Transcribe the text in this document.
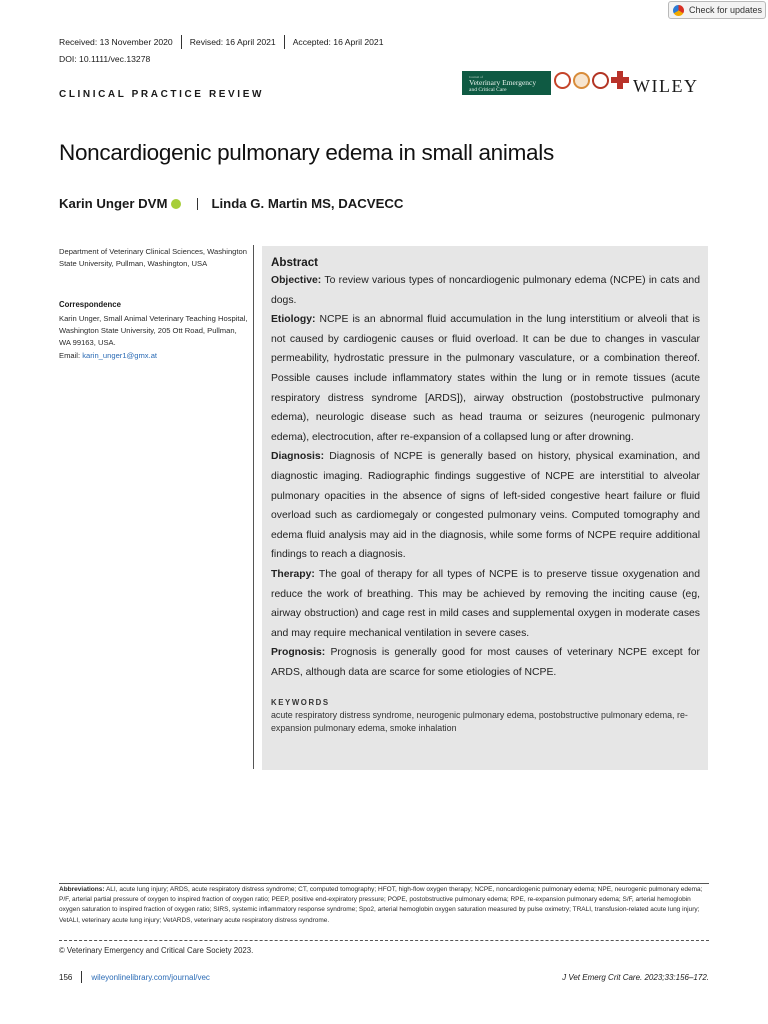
Check for updates
Received: 13 November 2020 Revised: 16 April 2021 Accepted: 16 April 2021
DOI: 10.1111/vec.13278
CLINICAL PRACTICE REVIEW
Journal of
Veterinary Emergency
and Critical Care	WILEY
Noncardiogenic pulmonary edema in small animals
Karin Unger DVM	Linda G. Martin MS, DACVECC
Department of Veterinary Clinical Sciences, Washington State University, Pullman, Washington, USA
Correspondence
Karin Unger, Small Animal Veterinary Teaching Hospital, Washington State University, 205 Ott Road, Pullman, WA 99163, USA.
Email: karin_unger1@gmx.at
Abstract

Objective: To review various types of noncardiogenic pulmonary edema (NCPE) in cats and dogs.

Etiology: NCPE is an abnormal fluid accumulation in the lung interstitium or alveoli that is not caused by cardiogenic causes or fluid overload. It can be due to changes in vascular permeability, hydrostatic pressure in the pulmonary vasculature, or a combination thereof. Possible causes include inflammatory states within the lung or in remote tissues (acute respiratory distress syndrome [ARDS]), airway obstruction (postobstructive pulmonary edema), neurologic disease such as head trauma or seizures (neurogenic pulmonary edema), electrocution, after re-expansion of a collapsed lung or after drowning.

Diagnosis: Diagnosis of NCPE is generally based on history, physical examination, and diagnostic imaging. Radiographic findings suggestive of NCPE are interstitial to alveolar pulmonary opacities in the absence of signs of left-sided congestive heart failure or fluid overload such as cardiomegaly or congested pulmonary veins. Computed tomography and edema fluid analysis may aid in the diagnosis, while some forms of NCPE require additional findings to reach a diagnosis.

Therapy: The goal of therapy for all types of NCPE is to preserve tissue oxygenation and reduce the work of breathing. This may be achieved by removing the inciting cause (eg, airway obstruction) and cage rest in mild cases and supplemental oxygen in moderate cases and may require mechanical ventilation in severe cases.

Prognosis: Prognosis is generally good for most causes of veterinary NCPE except for ARDS, although data are scarce for some etiologies of NCPE.

KEYWORDS
acute respiratory distress syndrome, neurogenic pulmonary edema, postobstructive pulmonary edema, re-expansion pulmonary edema, smoke inhalation
Abbreviations: ALI, acute lung injury; ARDS, acute respiratory distress syndrome; CT, computed tomography; HFOT, high-flow oxygen therapy; NCPE, noncardiogenic pulmonary edema; NPE, neurogenic pulmonary edema; P/F, arterial partial pressure of oxygen to inspired fraction of oxygen ratio; PEEP, positive end-expiratory pressure; POPE, postobstructive pulmonary edema; RPE, re-expansion pulmonary edema; S/F, arterial hemoglobin oxygen saturation to inspired fraction of oxygen ratio; SIRS, systemic inflammatory response syndrome; Spo2, arterial hemoglobin oxygen saturation measured by pulse oximetry; TRALI, transfusion-related acute lung injury; VetALI, veterinary acute lung injury; VetARDS, veterinary acute respiratory distress syndrome.
© Veterinary Emergency and Critical Care Society 2023.
156 wileyonlinelibrary.com/journal/vec	J Vet Emerg Crit Care. 2023;33:156–172.
